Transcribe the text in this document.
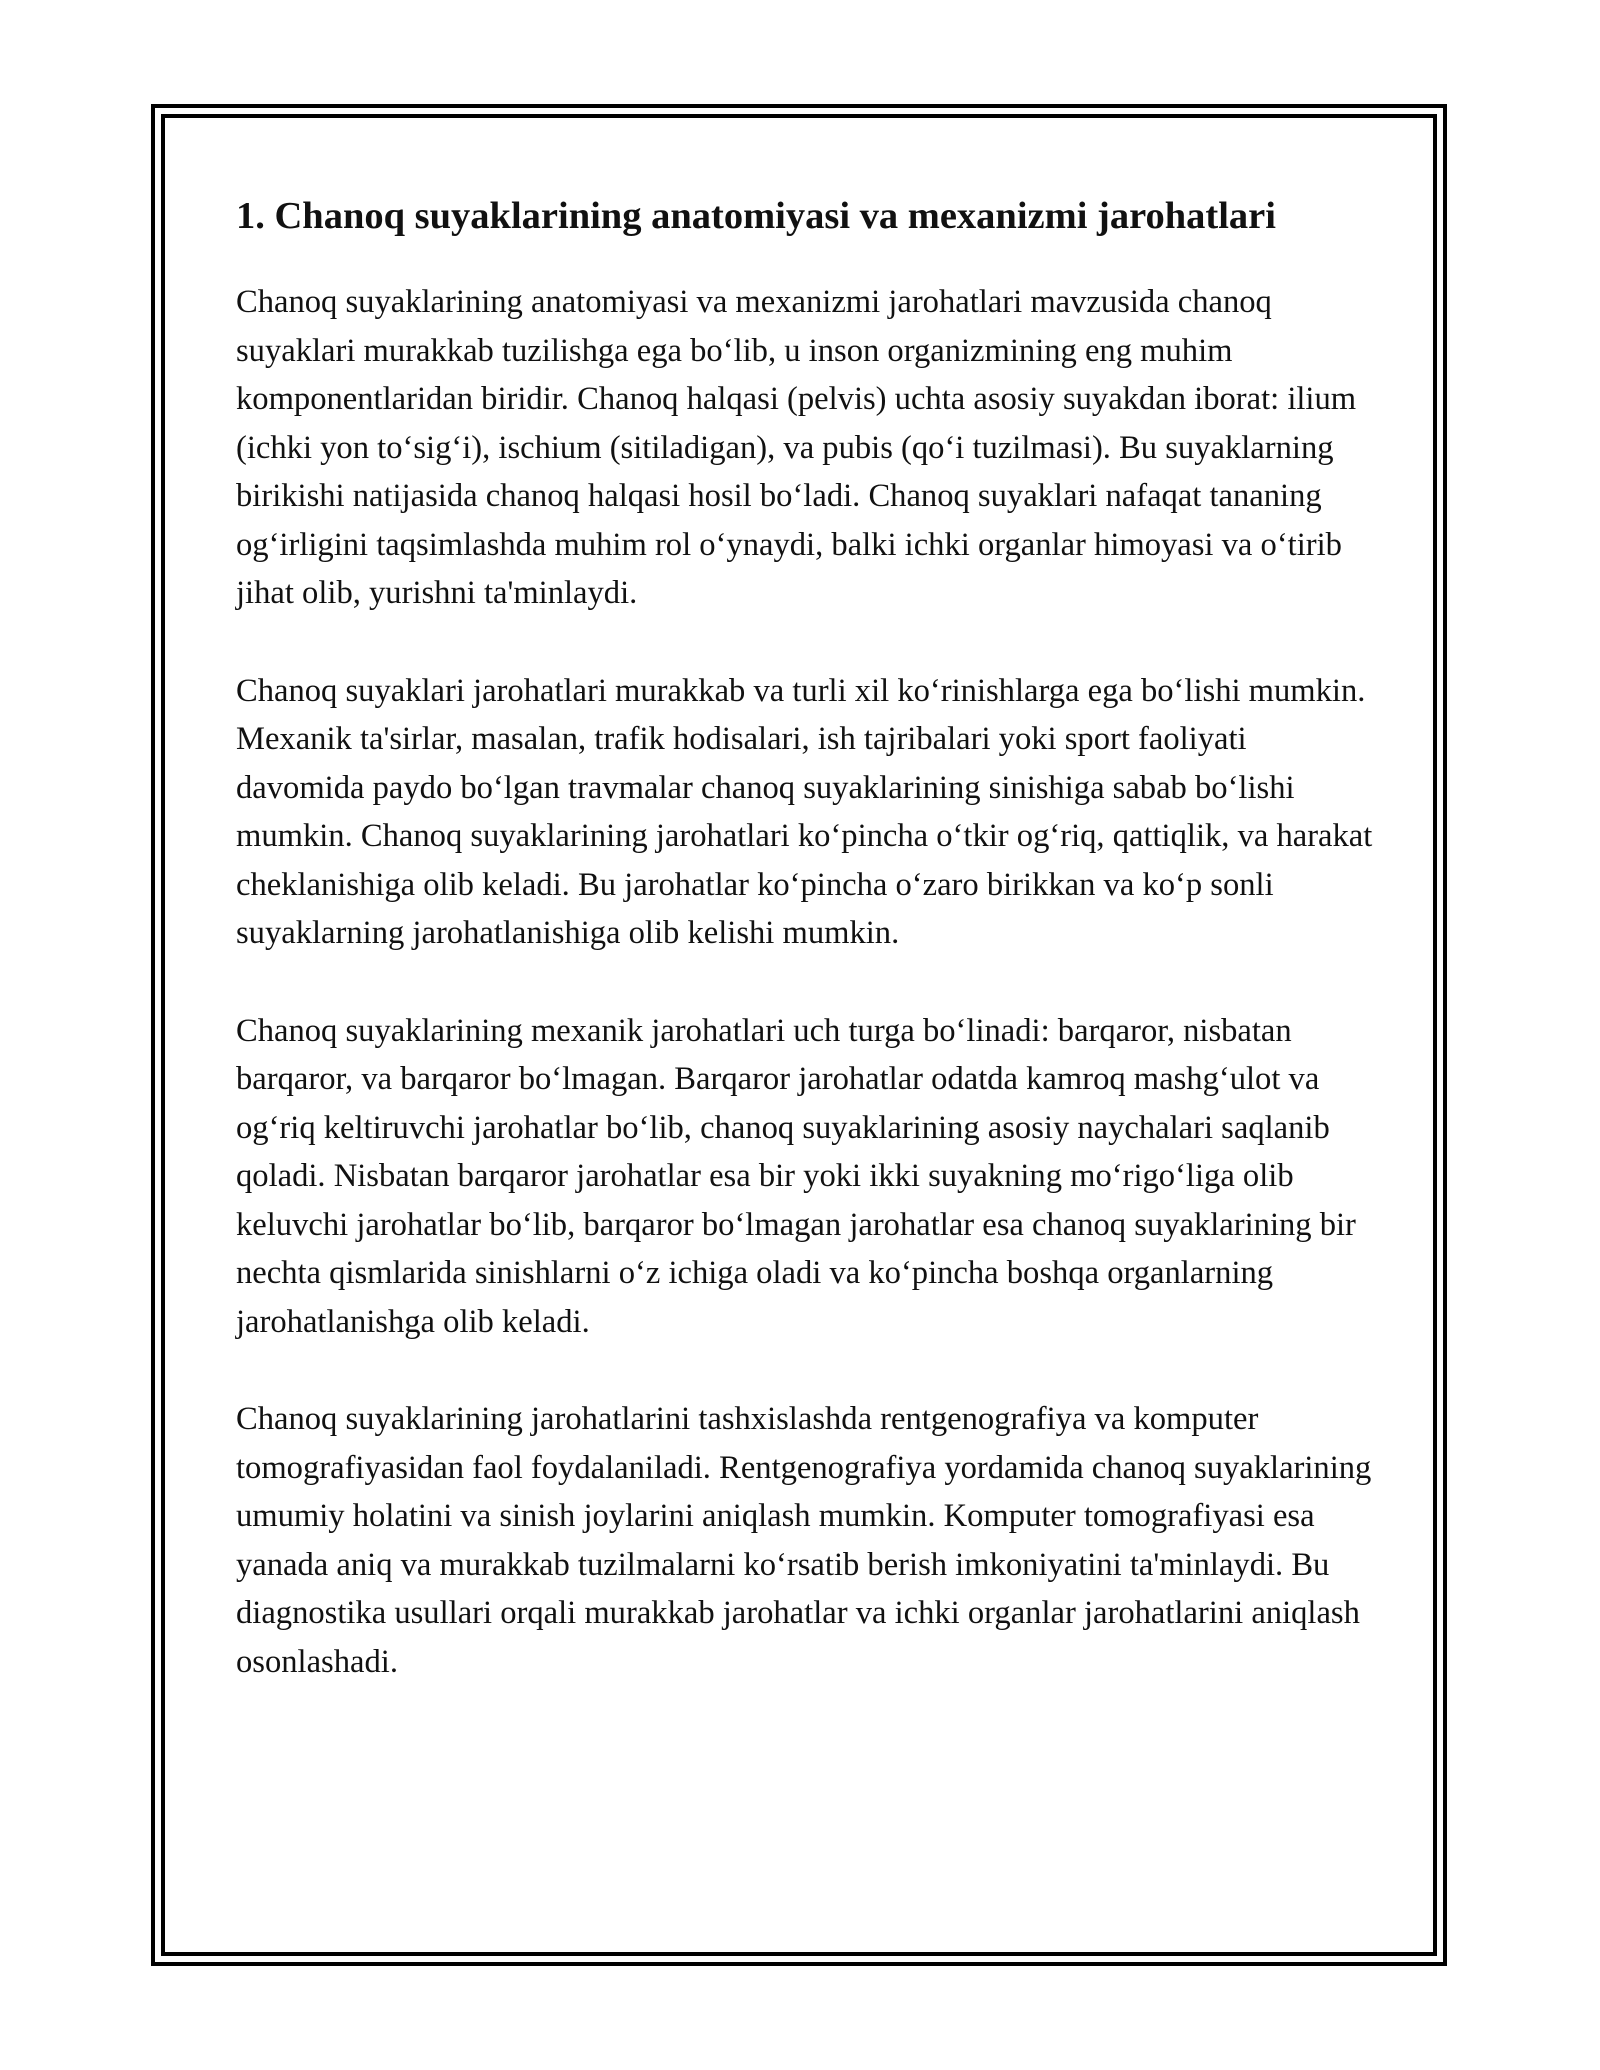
1. Chanoq suyaklarining anatomiyasi va mexanizmi jarohatlari

Chanoq suyaklarining anatomiyasi va mexanizmi jarohatlari mavzusida chanoq suyaklari murakkab tuzilishga ega bo‘lib, u inson organizmining eng muhim komponentlaridan biridir. Chanoq halqasi (pelvis) uchta asosiy suyakdan iborat: ilium (ichki yon to‘sig‘i), ischium (sitiladigan), va pubis (qo‘i tuzilmasi). Bu suyaklarning birikishi natijasida chanoq halqasi hosil bo‘ladi. Chanoq suyaklari nafaqat tananing og‘irligini taqsimlashda muhim rol o‘ynaydi, balki ichki organlar himoyasi va o‘tirib jihat olib, yurishni ta'minlaydi.

Chanoq suyaklari jarohatlari murakkab va turli xil ko‘rinishlarga ega bo‘lishi mumkin. Mexanik ta'sirlar, masalan, trafik hodisalari, ish tajribalari yoki sport faoliyati davomida paydo bo‘lgan travmalar chanoq suyaklarining sinishiga sabab bo‘lishi mumkin. Chanoq suyaklarining jarohatlari ko‘pincha o‘tkir og‘riq, qattiqlik, va harakat cheklanishiga olib keladi. Bu jarohatlar ko‘pincha o‘zaro birikkan va ko‘p sonli suyaklarning jarohatlanishiga olib kelishi mumkin.

Chanoq suyaklarining mexanik jarohatlari uch turga bo‘linadi: barqaror, nisbatan barqaror, va barqaror bo‘lmagan. Barqaror jarohatlar odatda kamroq mashg‘ulot va og‘riq keltiruvchi jarohatlar bo‘lib, chanoq suyaklarining asosiy naychalari saqlanib qoladi. Nisbatan barqaror jarohatlar esa bir yoki ikki suyakning mo‘rigo‘liga olib keluvchi jarohatlar bo‘lib, barqaror bo‘lmagan jarohatlar esa chanoq suyaklarining bir nechta qismlarida sinishlarni o‘z ichiga oladi va ko‘pincha boshqa organlarning jarohatlanishga olib keladi.

Chanoq suyaklarining jarohatlarini tashxislashda rentgenografiya va komputer tomografiyasidan faol foydalaniladi. Rentgenografiya yordamida chanoq suyaklarining umumiy holatini va sinish joylarini aniqlash mumkin. Komputer tomografiyasi esa yanada aniq va murakkab tuzilmalarni ko‘rsatib berish imkoniyatini ta'minlaydi. Bu diagnostika usullari orqali murakkab jarohatlar va ichki organlar jarohatlarini aniqlash osonlashadi.
